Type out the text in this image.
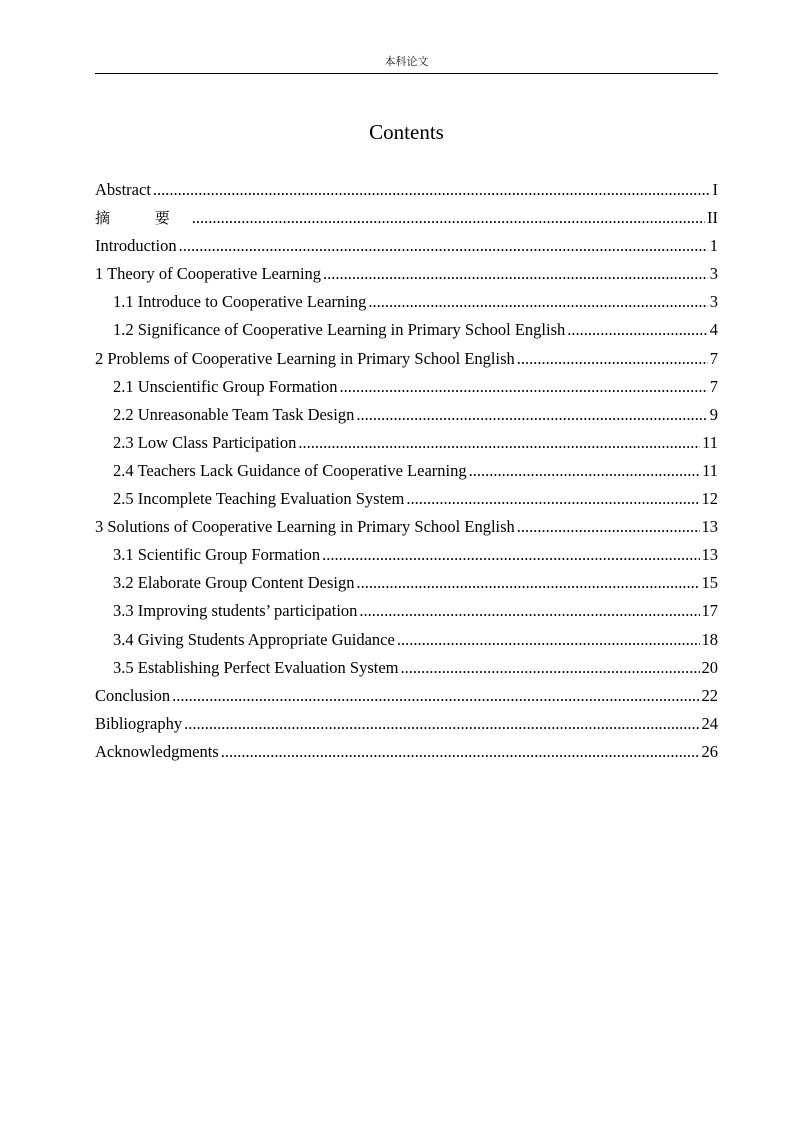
本科论文
Contents
Abstract .....	I
摘 要 .....	II
Introduction .....	1
1 Theory of Cooperative Learning .....	3
1.1 Introduce to Cooperative Learning .....	3
1.2 Significance of Cooperative Learning in Primary School English .....	4
2 Problems of Cooperative Learning in Primary School English .....	7
2.1 Unscientific Group Formation .....	7
2.2 Unreasonable Team Task Design .....	9
2.3 Low Class Participation .....	11
2.4 Teachers Lack Guidance of Cooperative Learning .....	11
2.5 Incomplete Teaching Evaluation System .....	12
3 Solutions of Cooperative Learning in Primary School English .....	13
3.1 Scientific Group Formation .....	13
3.2 Elaborate Group Content Design .....	15
3.3 Improving students’ participation .....	17
3.4 Giving Students Appropriate Guidance .....	18
3.5 Establishing Perfect Evaluation System .....	20
Conclusion .....	22
Bibliography .....	24
Acknowledgments .....	26
